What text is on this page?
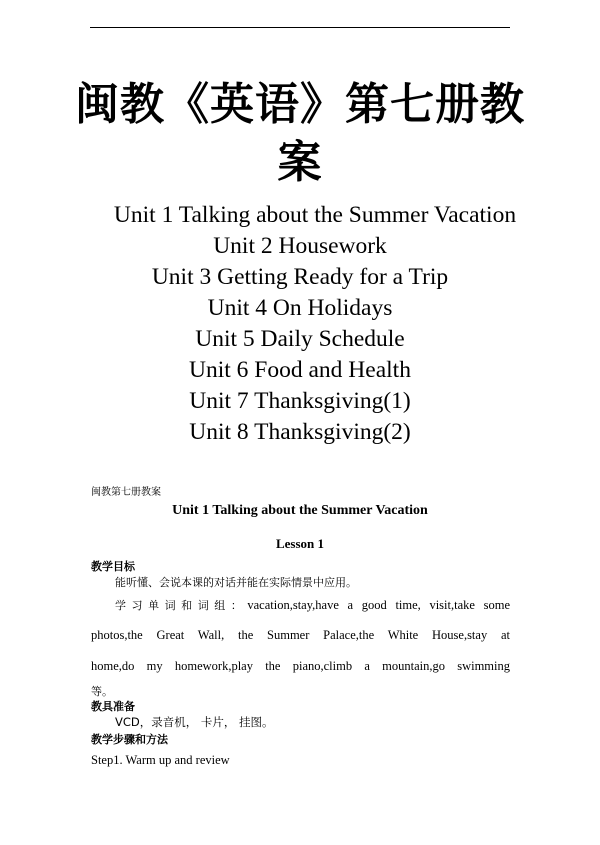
闽教《英语》第七册教
案
Unit 1 Talking about the Summer Vacation
Unit 2 Housework
Unit 3 Getting Ready for a Trip
Unit 4 On Holidays
Unit 5 Daily Schedule
Unit 6 Food and Health
Unit 7 Thanksgiving(1)
Unit 8 Thanksgiving(2)
闽教第七册教案
Unit 1 Talking about the Summer Vacation
Lesson 1
教学目标
能听懂、会说本课的对话并能在实际情景中应用。
学习单词和词组：vacation,stay,have a good time, visit,take some
photos,the Great Wall, the Summer Palace,the White House,stay at
home,do my homework,play the piano,climb a mountain,go swimming
等。
教具准备
VCD，录音机， 卡片， 挂图。
教学步骤和方法
Step1. Warm up and review
